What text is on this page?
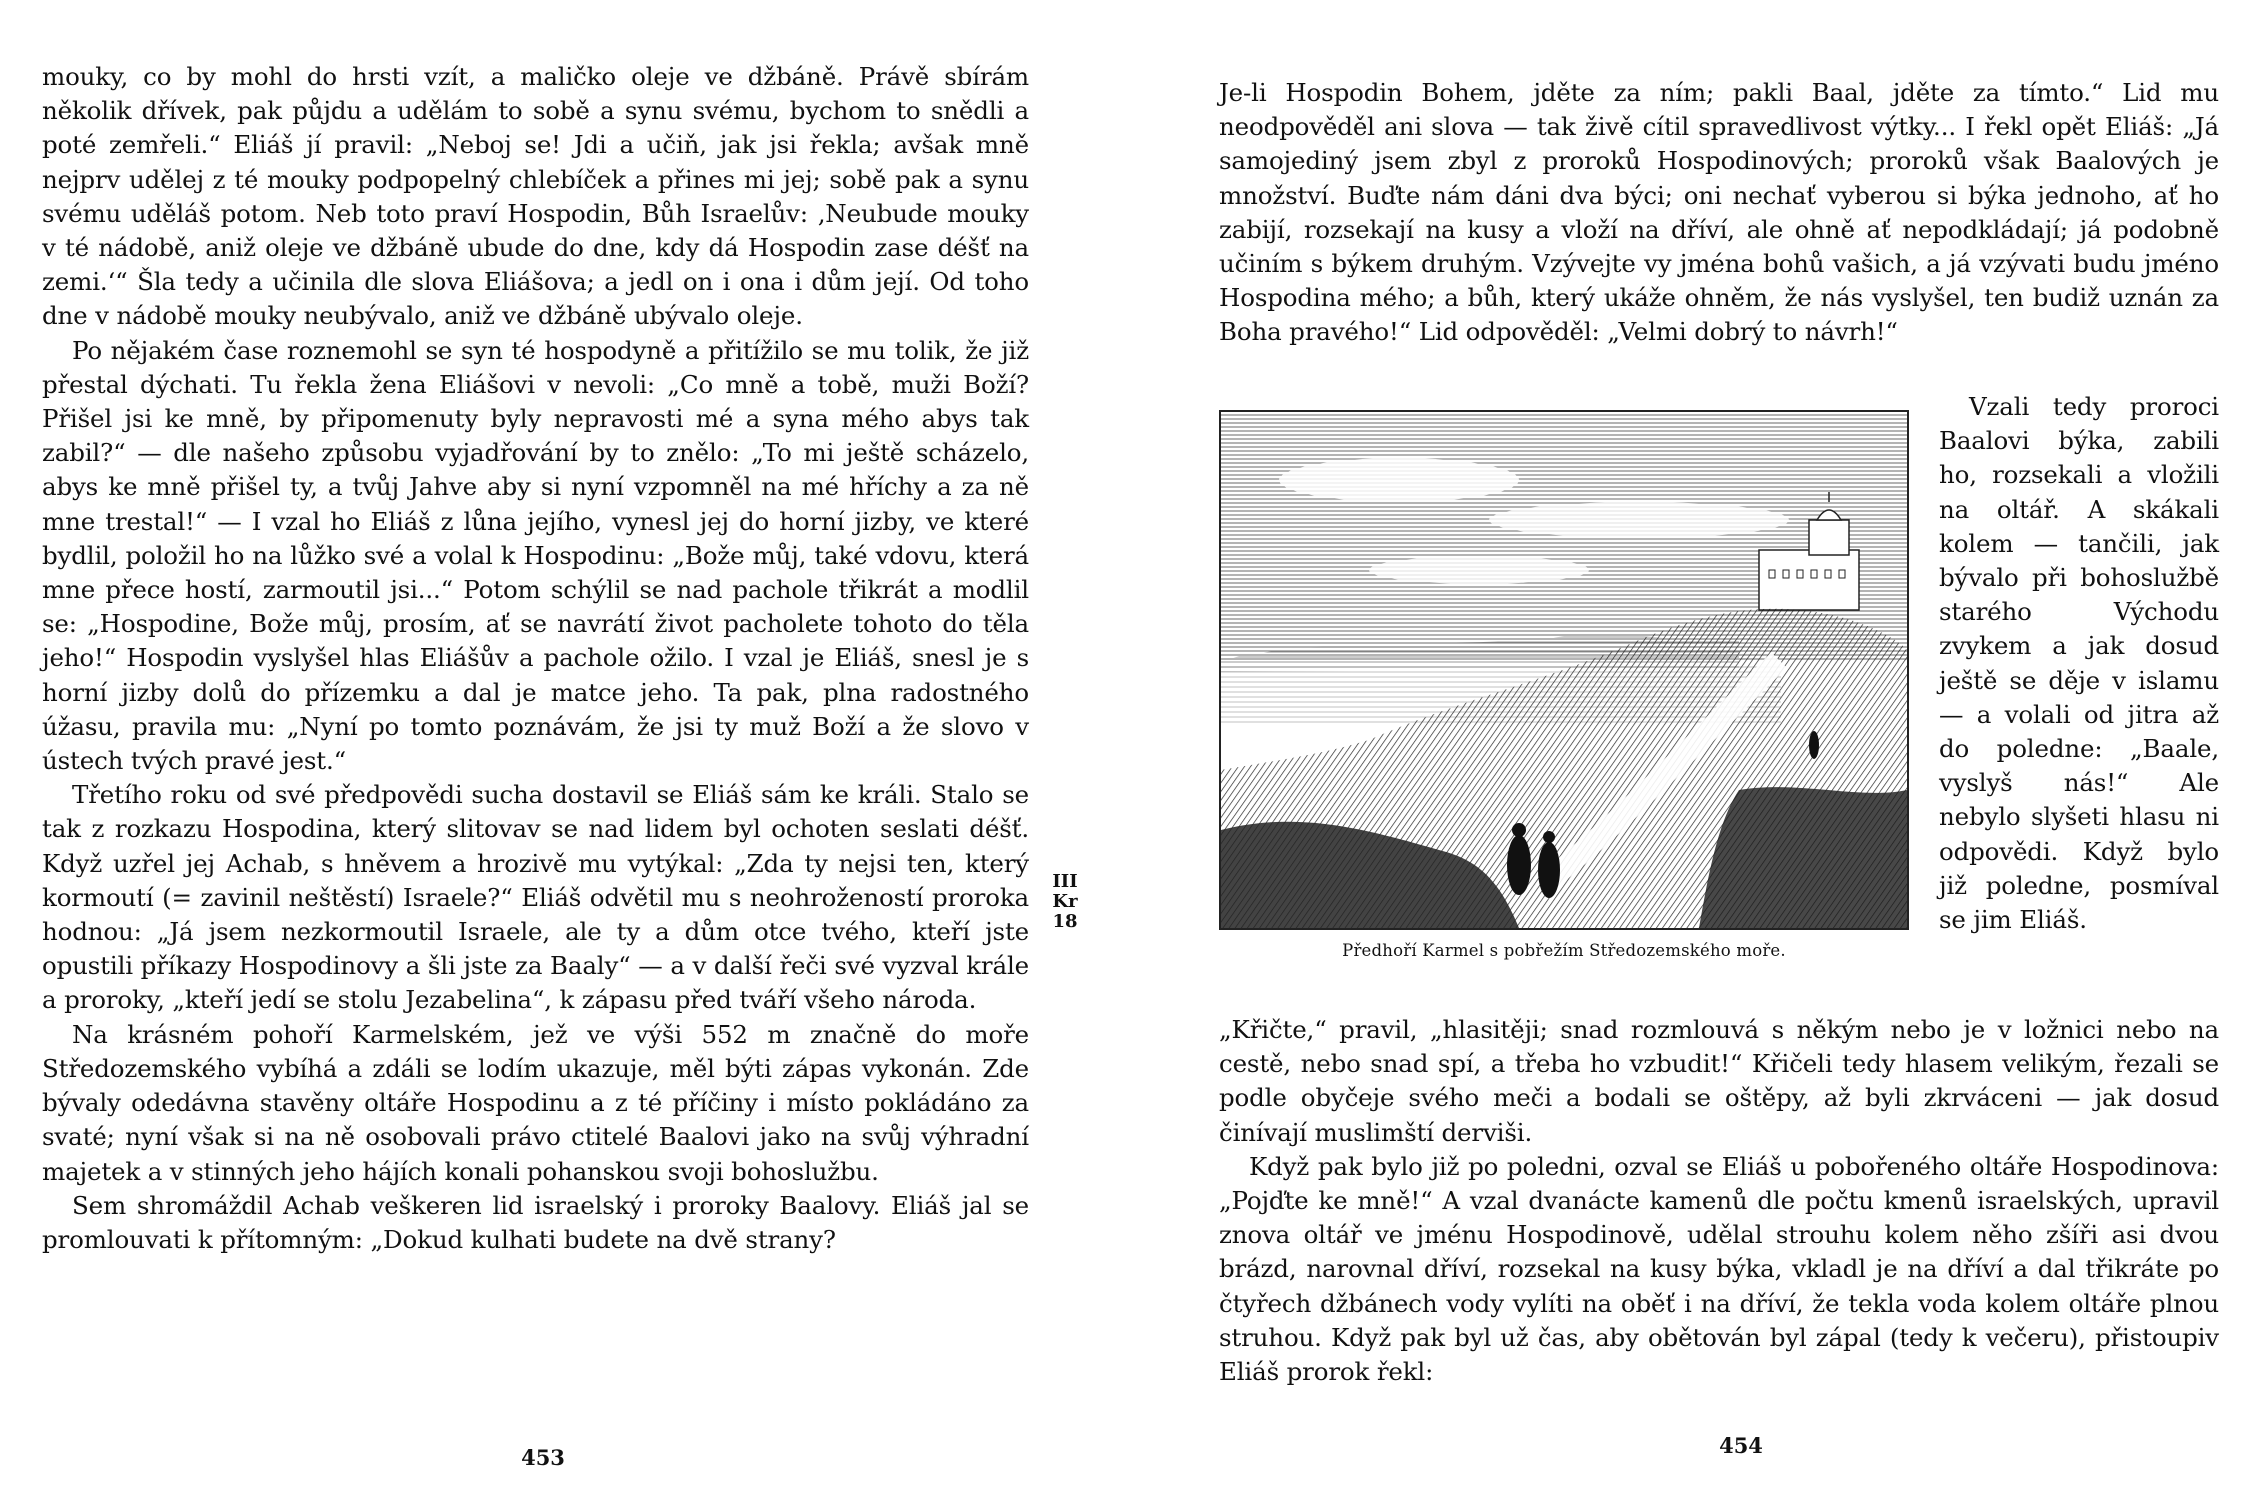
mouky, co by mohl do hrsti vzít, a maličko oleje ve džbáně. Právě sbírám několik dřívek, pak půjdu a udělám to sobě a synu svému, bychom to snědli a poté zemřeli.“ Eliáš jí pravil: „Neboj se! Jdi a učiň, jak jsi řekla; avšak mně nejprv udělej z té mouky podpopelný chlebíček a přines mi jej; sobě pak a synu svému uděláš potom. Neb toto praví Hospodin, Bůh Israelův: ‚Neubude mouky v té nádobě, aniž oleje ve džbáně ubude do dne, kdy dá Hospodin zase déšť na zemi.‘“ Šla tedy a učinila dle slova Eliášova; a jedl on i ona i dům její. Od toho dne v nádobě mouky neubývalo, aniž ve džbáně ubývalo oleje.

Po nějakém čase roznemohl se syn té hospodyně a přitížilo se mu tolik, že již přestal dýchati. Tu řekla žena Eliášovi v nevoli: „Co mně a tobě, muži Boží? Přišel jsi ke mně, by připomenuty byly nepravosti mé a syna mého abys tak zabil?“ — dle našeho způsobu vyjadřování by to znělo: „To mi ještě scházelo, abys ke mně přišel ty, a tvůj Jahve aby si nyní vzpomněl na mé hříchy a za ně mne trestal!“ — I vzal ho Eliáš z lůna jejího, vynesl jej do horní jizby, ve které bydlil, položil ho na lůžko své a volal k Hospodinu: „Bože můj, také vdovu, která mne přece hostí, zarmoutil jsi...“ Potom schýlil se nad pachole třikrát a modlil se: „Hospodine, Bože můj, prosím, ať se navrátí život pacholete tohoto do těla jeho!“ Hospodin vyslyšel hlas Eliášův a pachole ožilo. I vzal je Eliáš, snesl je s horní jizby dolů do přízemku a dal je matce jeho. Ta pak, plna radostného úžasu, pravila mu: „Nyní po tomto poznávám, že jsi ty muž Boží a že slovo v ústech tvých pravé jest.“

Třetího roku od své předpovědi sucha dostavil se Eliáš sám ke králi. Stalo se tak z rozkazu Hospodina, který slitovav se nad lidem byl ochoten seslati déšť. Když uzřel jej Achab, s hněvem a hrozivě mu vytýkal: „Zda ty nejsi ten, který kormoutí (= zavinil neštěstí) Israele?“ Eliáš odvětil mu s neohrožeností proroka hodnou: „Já jsem nezkormoutil Israele, ale ty a dům otce tvého, kteří jste opustili příkazy Hospodinovy a šli jste za Baaly“ — a v další řeči své vyzval krále a proroky, „kteří jedí se stolu Jezabelina“, k zápasu před tváří všeho národa.

Na krásném pohoří Karmelském, jež ve výši 552 m značně do moře Středozemského vybíhá a zdáli se lodím ukazuje, měl býti zápas vykonán. Zde bývaly odedávna stavěny oltáře Hospodinu a z té příčiny i místo pokládáno za svaté; nyní však si na ně osobovali právo ctitelé Baalovi jako na svůj výhradní majetek a v stinných jeho hájích konali pohanskou svoji bohoslužbu.

Sem shromáždil Achab veškeren lid israelský i proroky Baalovy. Eliáš jal se promlouvati k přítomným: „Dokud kulhati budete na dvě strany?

III Kr
18
453

Je-li Hospodin Bohem, jděte za ním; pakli Baal, jděte za tímto.“ Lid mu neodpověděl ani slova — tak živě cítil spravedlivost výtky... I řekl opět Eliáš: „Já samojediný jsem zbyl z proroků Hospodinových; proroků však Baalových je množství. Buďte nám dáni dva býci; oni nechať vyberou si býka jednoho, ať ho zabijí, rozsekají na kusy a vloží na dříví, ale ohně ať nepodkládají; já podobně učiním s býkem druhým. Vzývejte vy jména bohů vašich, a já vzývati budu jméno Hospodina mého; a bůh, který ukáže ohněm, že nás vyslyšel, ten budiž uznán za Boha pravého!“ Lid odpověděl: „Velmi dobrý to návrh!“

Předhoří Karmel s pobřežím Středozemského moře.

Vzali tedy proroci Baalovi býka, zabili ho, rozsekali a vložili na oltář. A skákali kolem — tančili, jak bývalo při bohoslužbě starého Východu zvykem a jak dosud ještě se děje v islamu — a volali od jitra až do poledne: „Baale, vyslyš nás!“ Ale nebylo slyšeti hlasu ni odpovědi. Když bylo již poledne, posmíval se jim Eliáš.

„Křičte,“ pravil, „hlasitěji; snad rozmlouvá s někým nebo je v ložnici nebo na cestě, nebo snad spí, a třeba ho vzbudit!“ Křičeli tedy hlasem velikým, řezali se podle obyčeje svého meči a bodali se oštěpy, až byli zkrváceni — jak dosud činívají muslimští derviši.

Když pak bylo již po poledni, ozval se Eliáš u pobořeného oltáře Hospodinova: „Pojďte ke mně!“ A vzal dvanácte kamenů dle počtu kmenů israelských, upravil znova oltář ve jménu Hospodinově, udělal strouhu kolem něho zšíři asi dvou brázd, narovnal dříví, rozsekal na kusy býka, vkladl je na dříví a dal třikráte po čtyřech džbánech vody vylíti na oběť i na dříví, že tekla voda kolem oltáře plnou struhou. Když pak byl už čas, aby obětován byl zápal (tedy k večeru), přistoupiv Eliáš prorok řekl:

454
